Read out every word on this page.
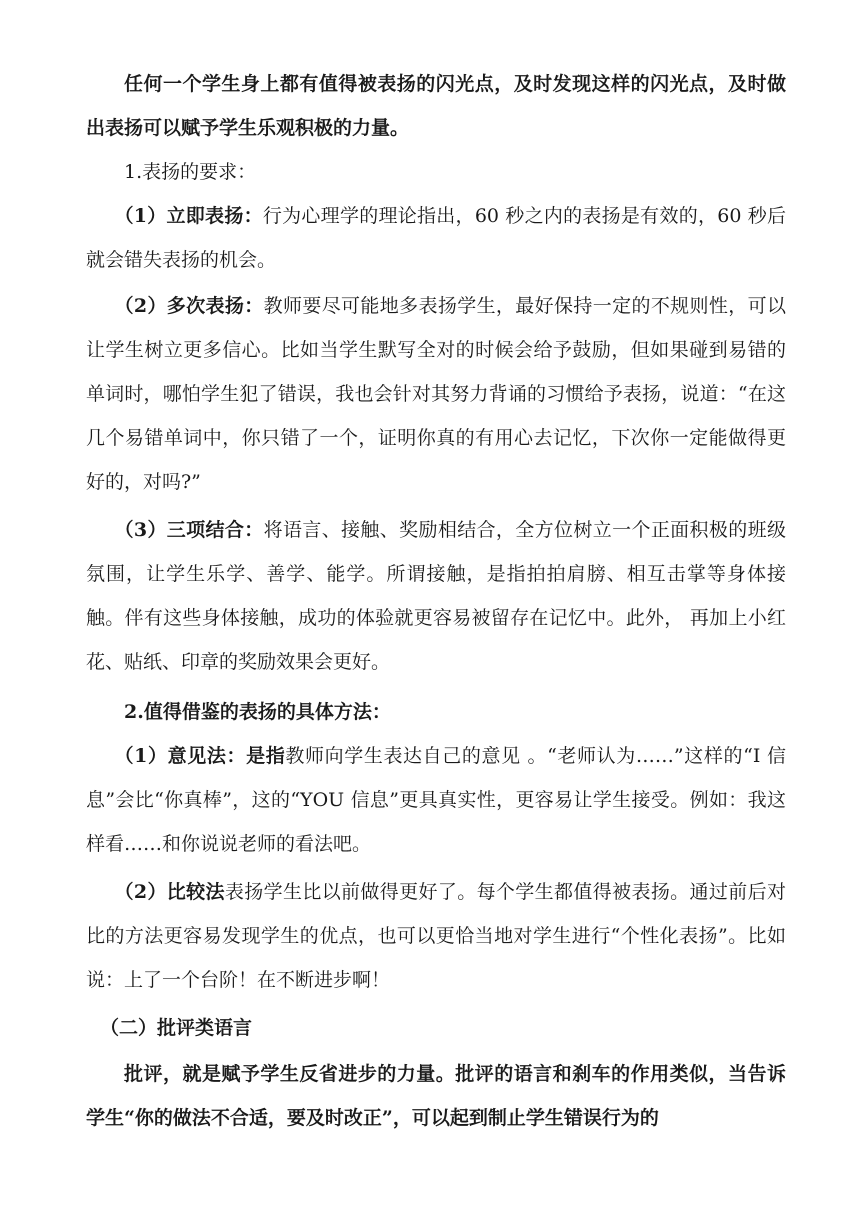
任何一个学生身上都有值得被表扬的闪光点，及时发现这样的闪光点，及时做出表扬可以赋予学生乐观积极的力量。

1.表扬的要求：

（1）立即表扬：行为心理学的理论指出，60 秒之内的表扬是有效的，60 秒后就会错失表扬的机会。

（2）多次表扬：教师要尽可能地多表扬学生，最好保持一定的不规则性，可以让学生树立更多信心。比如当学生默写全对的时候会给予鼓励，但如果碰到易错的单词时，哪怕学生犯了错误，我也会针对其努力背诵的习惯给予表扬，说道：“在这几个易错单词中，你只错了一个，证明你真的有用心去记忆，下次你一定能做得更好的，对吗?”

（3）三项结合：将语言、接触、奖励相结合，全方位树立一个正面积极的班级氛围，让学生乐学、善学、能学。所谓接触，是指拍拍肩膀、相互击掌等身体接触。伴有这些身体接触，成功的体验就更容易被留存在记忆中。此外， 再加上小红花、贴纸、印章的奖励效果会更好。

2.值得借鉴的表扬的具体方法：

（1）意见法：是指教师向学生表达自己的意见 。“老师认为……”这样的“I 信息”会比“你真棒”，这的“YOU 信息”更具真实性，更容易让学生接受。例如：我这样看……和你说说老师的看法吧。

（2）比较法表扬学生比以前做得更好了。每个学生都值得被表扬。通过前后对比的方法更容易发现学生的优点，也可以更恰当地对学生进行“个性化表扬”。比如说：上了一个台阶！在不断进步啊！

（二）批评类语言

批评，就是赋予学生反省进步的力量。批评的语言和刹车的作用类似，当告诉学生“你的做法不合适，要及时改正”，可以起到制止学生错误行为的
